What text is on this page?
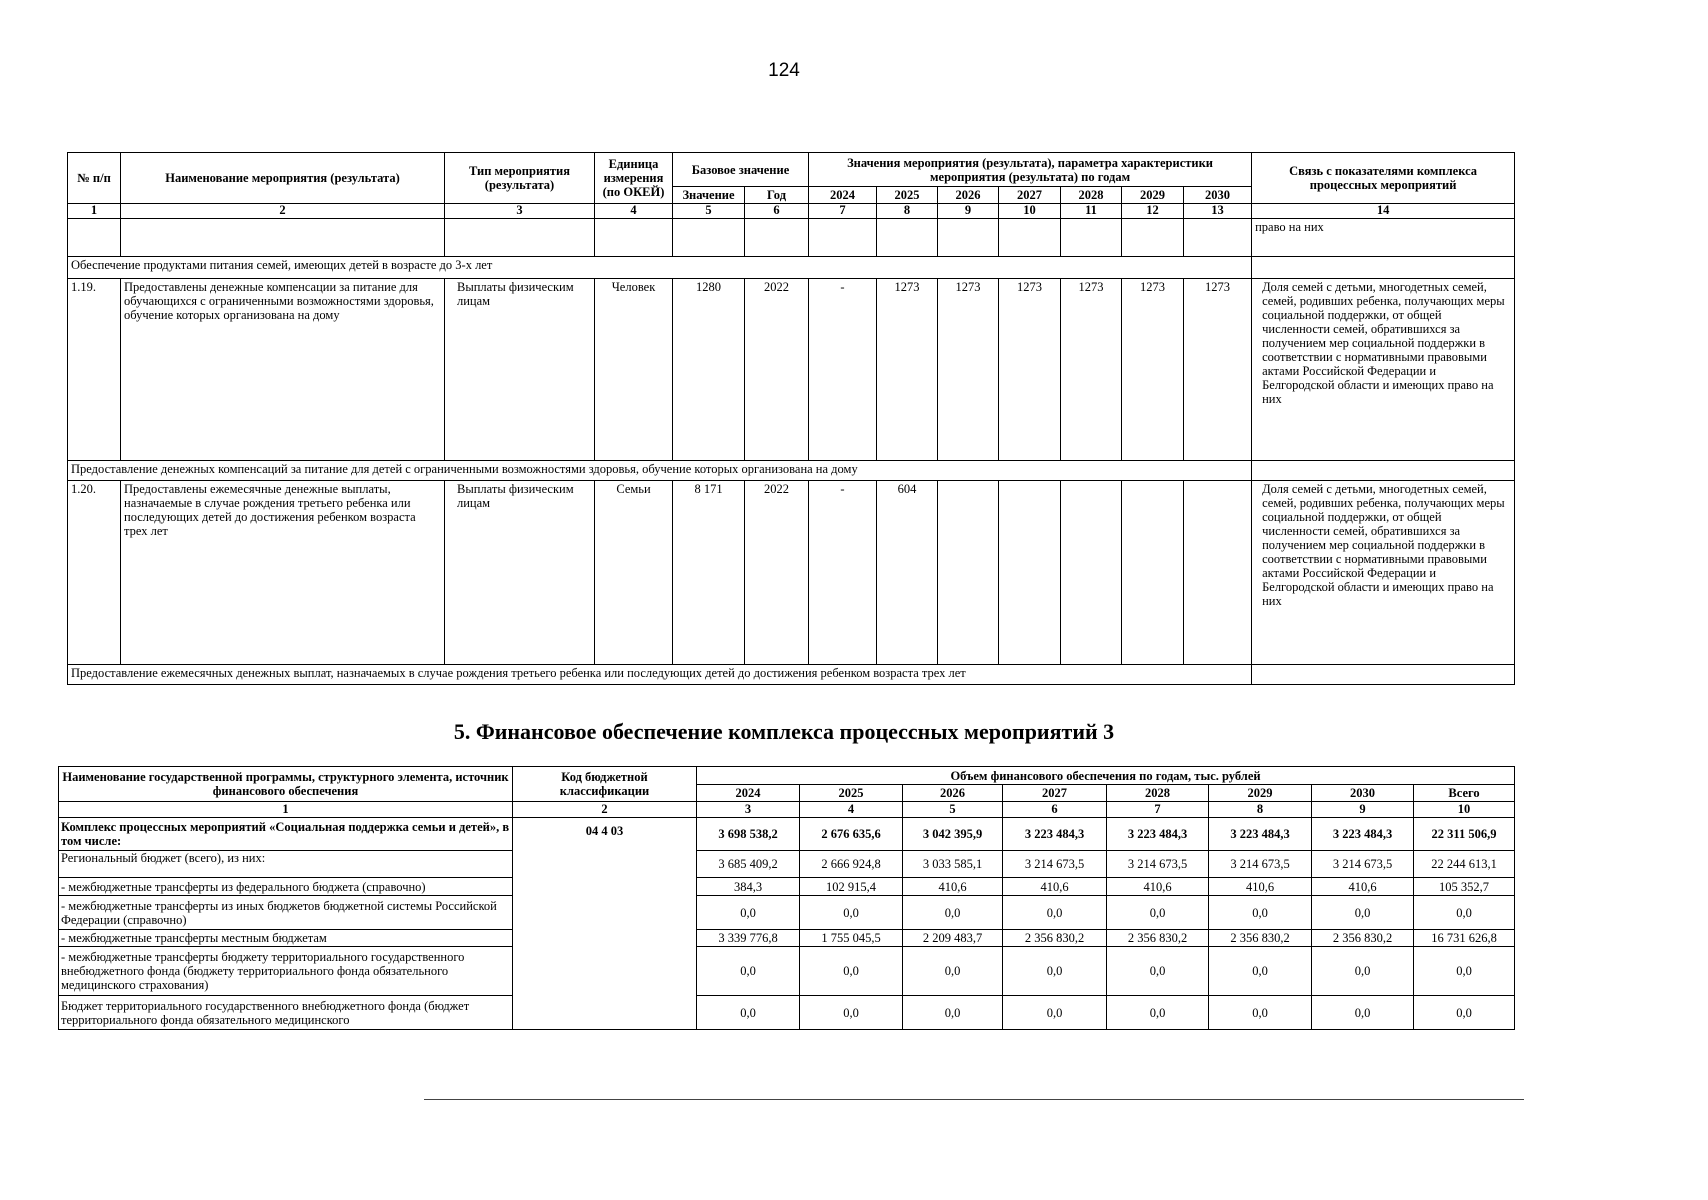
124
№ п/п	Наименование мероприятия (результата)	Тип мероприятия (результата)	Единица измерения (по ОКЕЙ)	Базовое значение		Значения мероприятия (результата), параметра характеристики мероприятия (результата) по годам							Связь с показателями комплекса процессных мероприятий
				Значение	Год	2024	2025	2026	2027	2028	2029	2030	
1	2	3	4	5	6	7	8	9	10	11	12	13	14
													право на них
Обеспечение продуктами питания семей, имеющих детей в возрасте до 3-х лет													
1.19.	Предоставлены денежные компенсации за питание для обучающихся с ограниченными возможностями здоровья, обучение которых организована на дому	Выплаты физическим лицам	Человек	1280	2022	-	1273	1273	1273	1273	1273	1273	Доля семей с детьми, многодетных семей, семей, родивших ребенка, получающих меры социальной поддержки, от общей численности семей, обратившихся за получением мер социальной поддержки в соответствии с нормативными правовыми актами Российской Федерации и Белгородской области и имеющих право на них
Предоставление денежных компенсаций за питание для детей с ограниченными возможностями здоровья, обучение которых организована на дому													
1.20.	Предоставлены ежемесячные денежные выплаты, назначаемые в случае рождения третьего ребенка или последующих детей до достижения ребенком возраста трех лет	Выплаты физическим лицам	Семьи	8 171	2022	-	604						Доля семей с детьми, многодетных семей, семей, родивших ребенка, получающих меры социальной поддержки, от общей численности семей, обратившихся за получением мер социальной поддержки в соответствии с нормативными правовыми актами Российской Федерации и Белгородской области и имеющих право на них
Предоставление ежемесячных денежных выплат, назначаемых в случае рождения третьего ребенка или последующих детей до достижения ребенком возраста трех лет													
5. Финансовое обеспечение комплекса процессных мероприятий 3
Наименование государственной программы, структурного элемента, источник финансового обеспечения	Код бюджетной классификации	Объем финансового обеспечения по годам, тыс. рублей							
		2024	2025	2026	2027	2028	2029	2030	Всего
1	2	3	4	5	6	7	8	9	10
Комплекс процессных мероприятий «Социальная поддержка семьи и детей», в том числе:	04 4 03	3 698 538,2	2 676 635,6	3 042 395,9	3 223 484,3	3 223 484,3	3 223 484,3	3 223 484,3	22 311 506,9
Региональный бюджет (всего), из них:		3 685 409,2	2 666 924,8	3 033 585,1	3 214 673,5	3 214 673,5	3 214 673,5	3 214 673,5	22 244 613,1
- межбюджетные трансферты из федерального бюджета (справочно)		384,3	102 915,4	410,6	410,6	410,6	410,6	410,6	105 352,7
- межбюджетные трансферты из иных бюджетов бюджетной системы Российской Федерации (справочно)		0,0	0,0	0,0	0,0	0,0	0,0	0,0	0,0
- межбюджетные трансферты местным бюджетам		3 339 776,8	1 755 045,5	2 209 483,7	2 356 830,2	2 356 830,2	2 356 830,2	2 356 830,2	16 731 626,8
- межбюджетные трансферты бюджету территориального государственного внебюджетного фонда (бюджету территориального фонда обязательного медицинского страхования)		0,0	0,0	0,0	0,0	0,0	0,0	0,0	0,0
Бюджет территориального государственного внебюджетного фонда (бюджет территориального фонда обязательного медицинского		0,0	0,0	0,0	0,0	0,0	0,0	0,0	0,0
